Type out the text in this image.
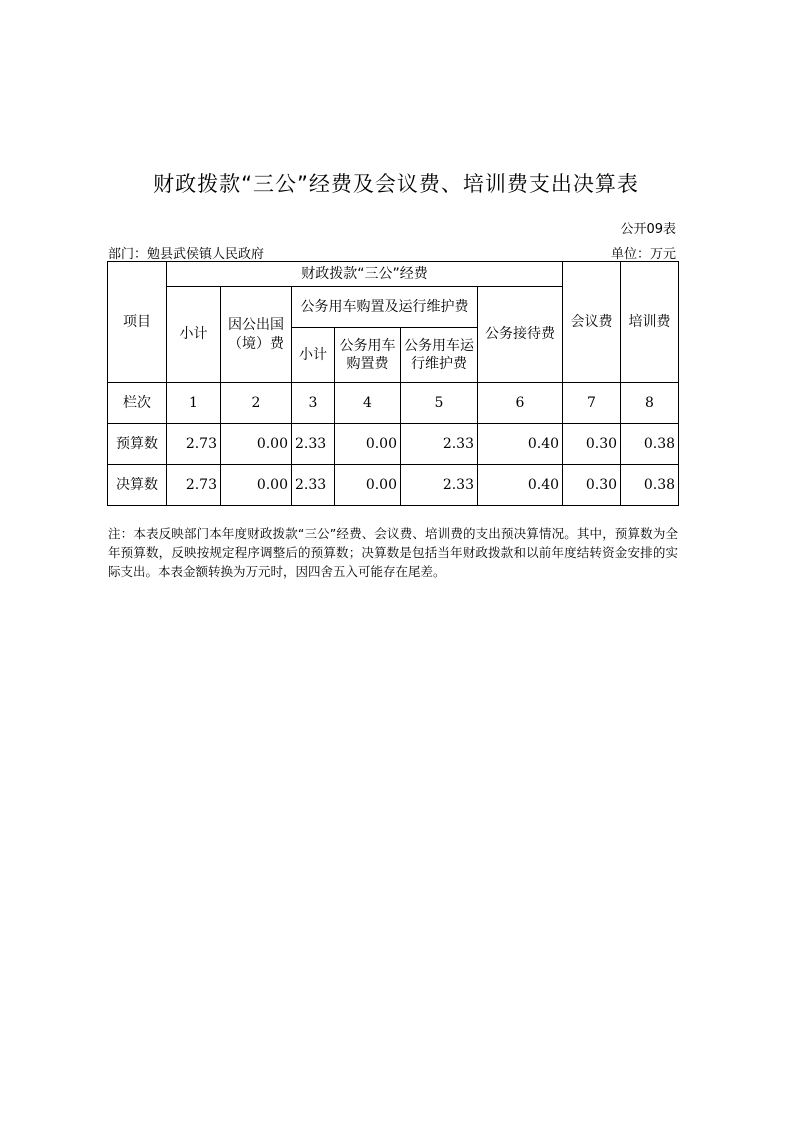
财政拨款“三公”经费及会议费、培训费支出决算表
公开09表
部门：勉县武侯镇人民政府	单位：万元
项目	财政拨款“三公”经费						会议费	培训费
	小计	因公出国（境）费	公务用车购置及运行维护费			公务接待费		
			小计	公务用车购置费	公务用车运行维护费			
栏次	1	2	3	4	5	6	7	8
预算数	2.73	0.00	2.33	0.00	2.33	0.40	0.30	0.38
决算数	2.73	0.00	2.33	0.00	2.33	0.40	0.30	0.38
注：本表反映部门本年度财政拨款“三公”经费、会议费、培训费的支出预决算情况。其中，预算数为全年预算数，反映按规定程序调整后的预算数；决算数是包括当年财政拨款和以前年度结转资金安排的实际支出。本表金额转换为万元时，因四舍五入可能存在尾差。
